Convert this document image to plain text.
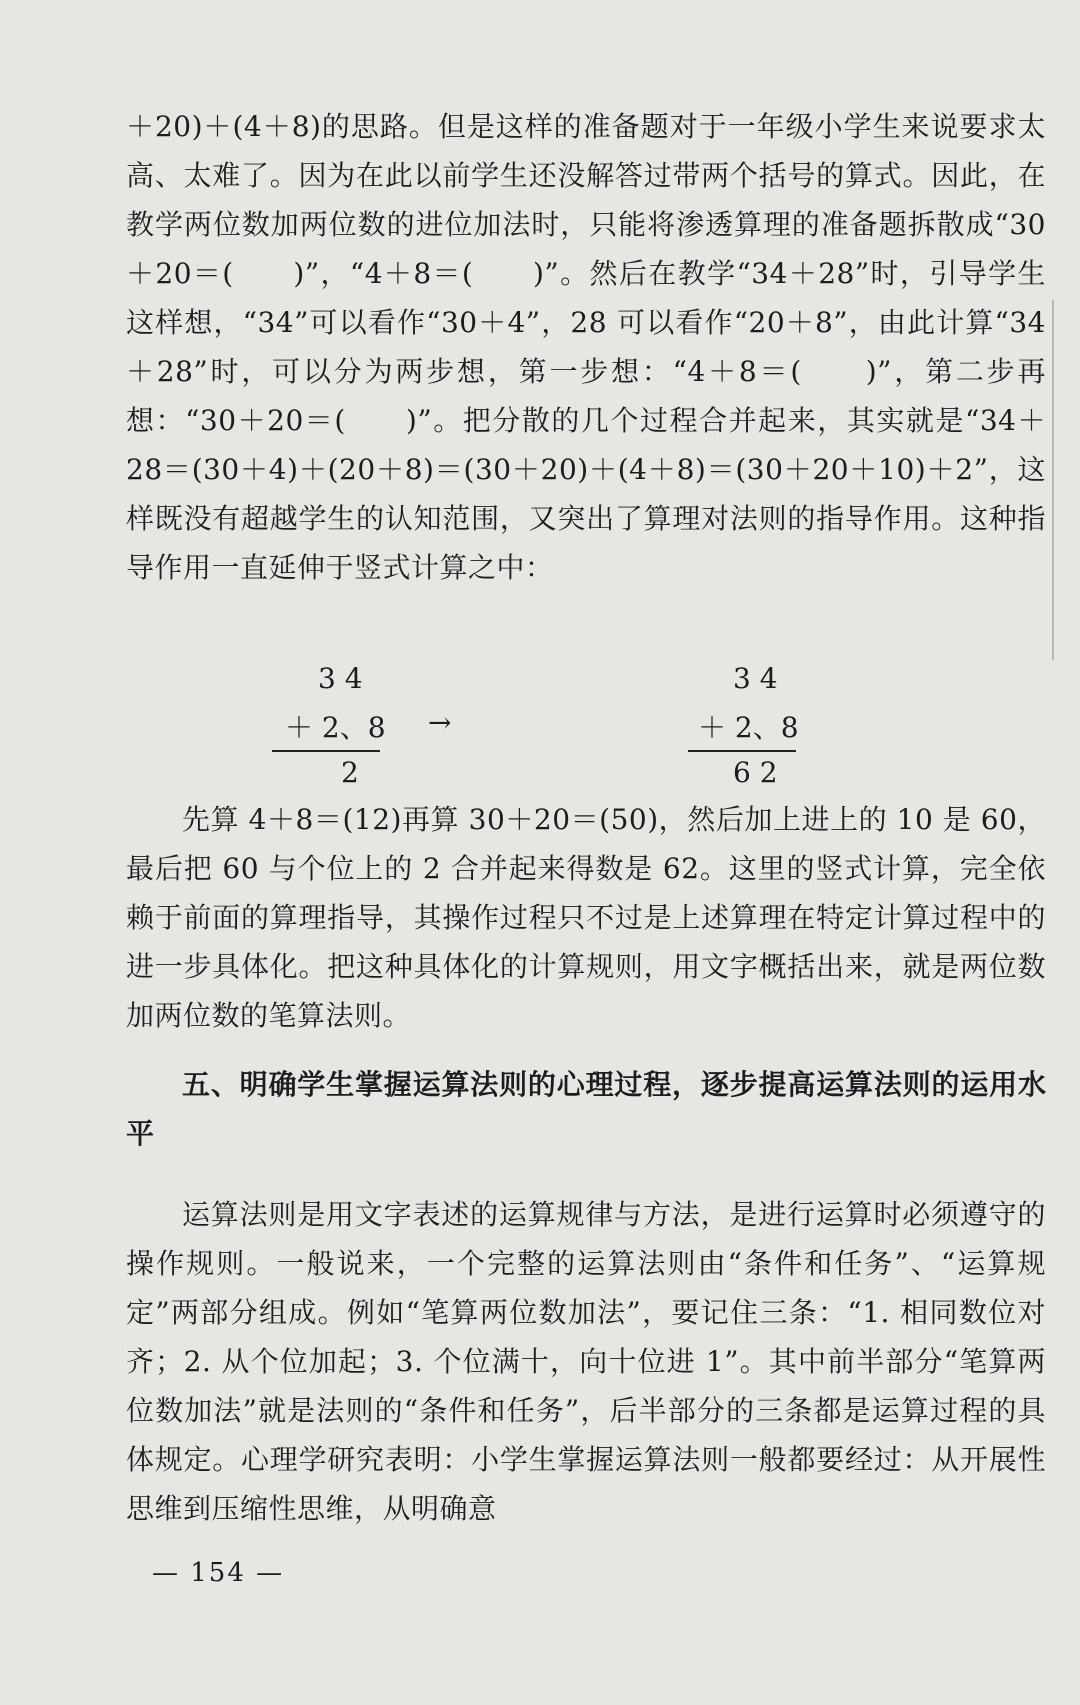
＋20)＋(4＋8)的思路。但是这样的准备题对于一年级小学生来说要求太高、太难了。因为在此以前学生还没解答过带两个括号的算式。因此，在教学两位数加两位数的进位加法时，只能将渗透算理的准备题拆散成“30＋20＝(　　)”，“4＋8＝(　　)”。然后在教学“34＋28”时，引导学生这样想，“34”可以看作“30＋4”，28 可以看作“20＋8”，由此计算“34＋28”时，可以分为两步想，第一步想：“4＋8＝(　　)”，第二步再想：“30＋20＝(　　)”。把分散的几个过程合并起来，其实就是“34＋28＝(30＋4)＋(20＋8)＝(30＋20)＋(4＋8)＝(30＋20＋10)＋2”，这样既没有超越学生的认知范围，又突出了算理对法则的指导作用。这种指导作用一直延伸于竖式计算之中：

3 4
＋ 2、8
2
→
3 4
＋ 2、8
6 2

先算 4＋8＝(12)再算 30＋20＝(50)，然后加上进上的 10 是 60，最后把 60 与个位上的 2 合并起来得数是 62。这里的竖式计算，完全依赖于前面的算理指导，其操作过程只不过是上述算理在特定计算过程中的进一步具体化。把这种具体化的计算规则，用文字概括出来，就是两位数加两位数的笔算法则。

五、明确学生掌握运算法则的心理过程，逐步提高运算法则的运用水平

运算法则是用文字表述的运算规律与方法，是进行运算时必须遵守的操作规则。一般说来，一个完整的运算法则由“条件和任务”、“运算规定”两部分组成。例如“笔算两位数加法”，要记住三条：“1. 相同数位对齐；2. 从个位加起；3. 个位满十，向十位进 1”。其中前半部分“笔算两位数加法”就是法则的“条件和任务”，后半部分的三条都是运算过程的具体规定。心理学研究表明：小学生掌握运算法则一般都要经过：从开展性思维到压缩性思维，从明确意

— 154 —
